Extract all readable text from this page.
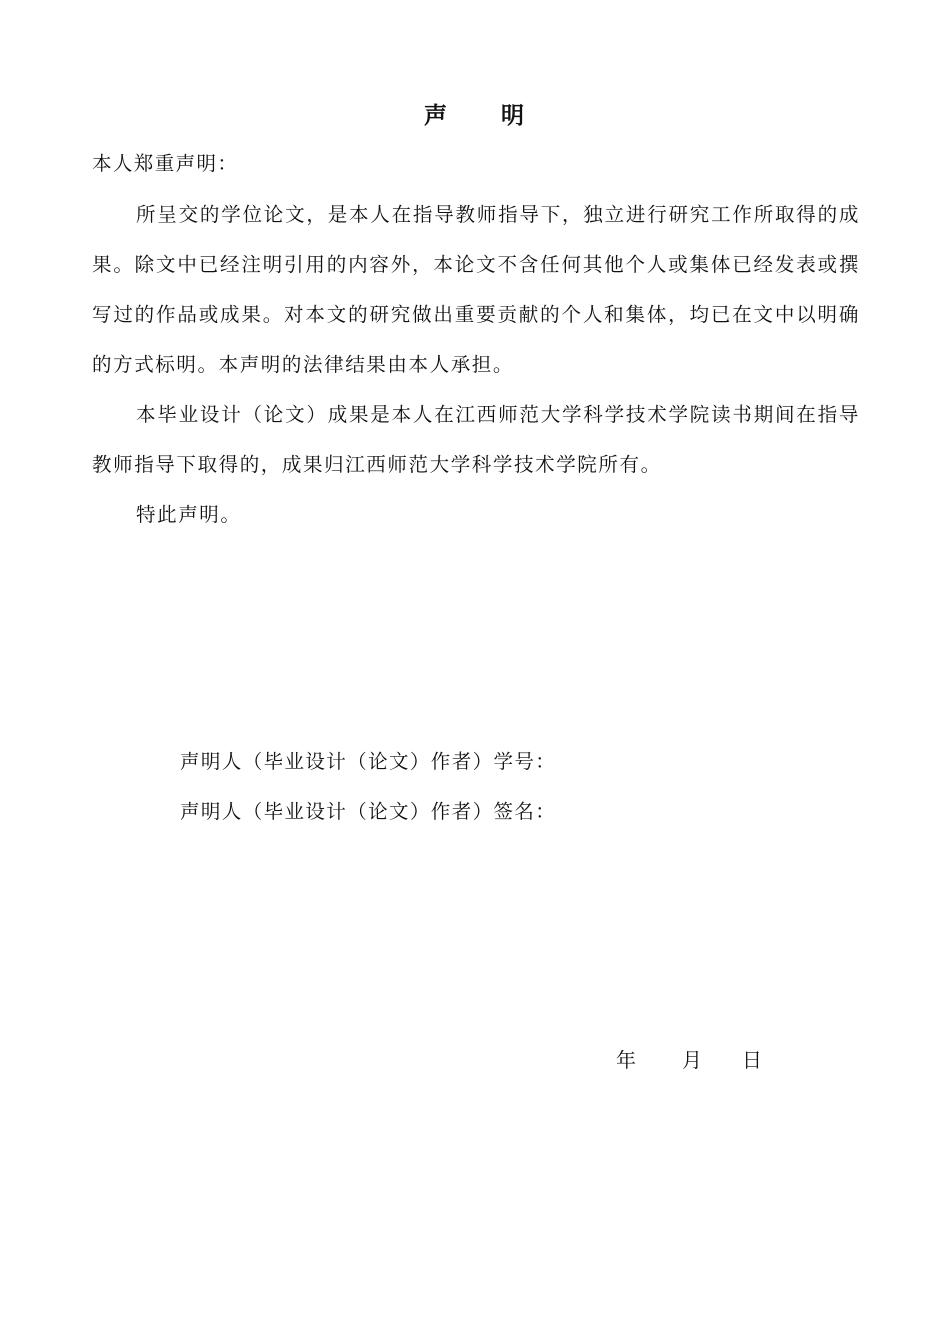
声 明
本人郑重声明：
所呈交的学位论文，是本人在指导教师指导下，独立进行研究工作所取得的成果。除文中已经注明引用的内容外，本论文不含任何其他个人或集体已经发表或撰写过的作品或成果。对本文的研究做出重要贡献的个人和集体，均已在文中以明确的方式标明。本声明的法律结果由本人承担。
本毕业设计（论文）成果是本人在江西师范大学科学技术学院读书期间在指导教师指导下取得的，成果归江西师范大学科学技术学院所有。
特此声明。
声明人（毕业设计（论文）作者）学号：
声明人（毕业设计（论文）作者）签名：
年 月 日
